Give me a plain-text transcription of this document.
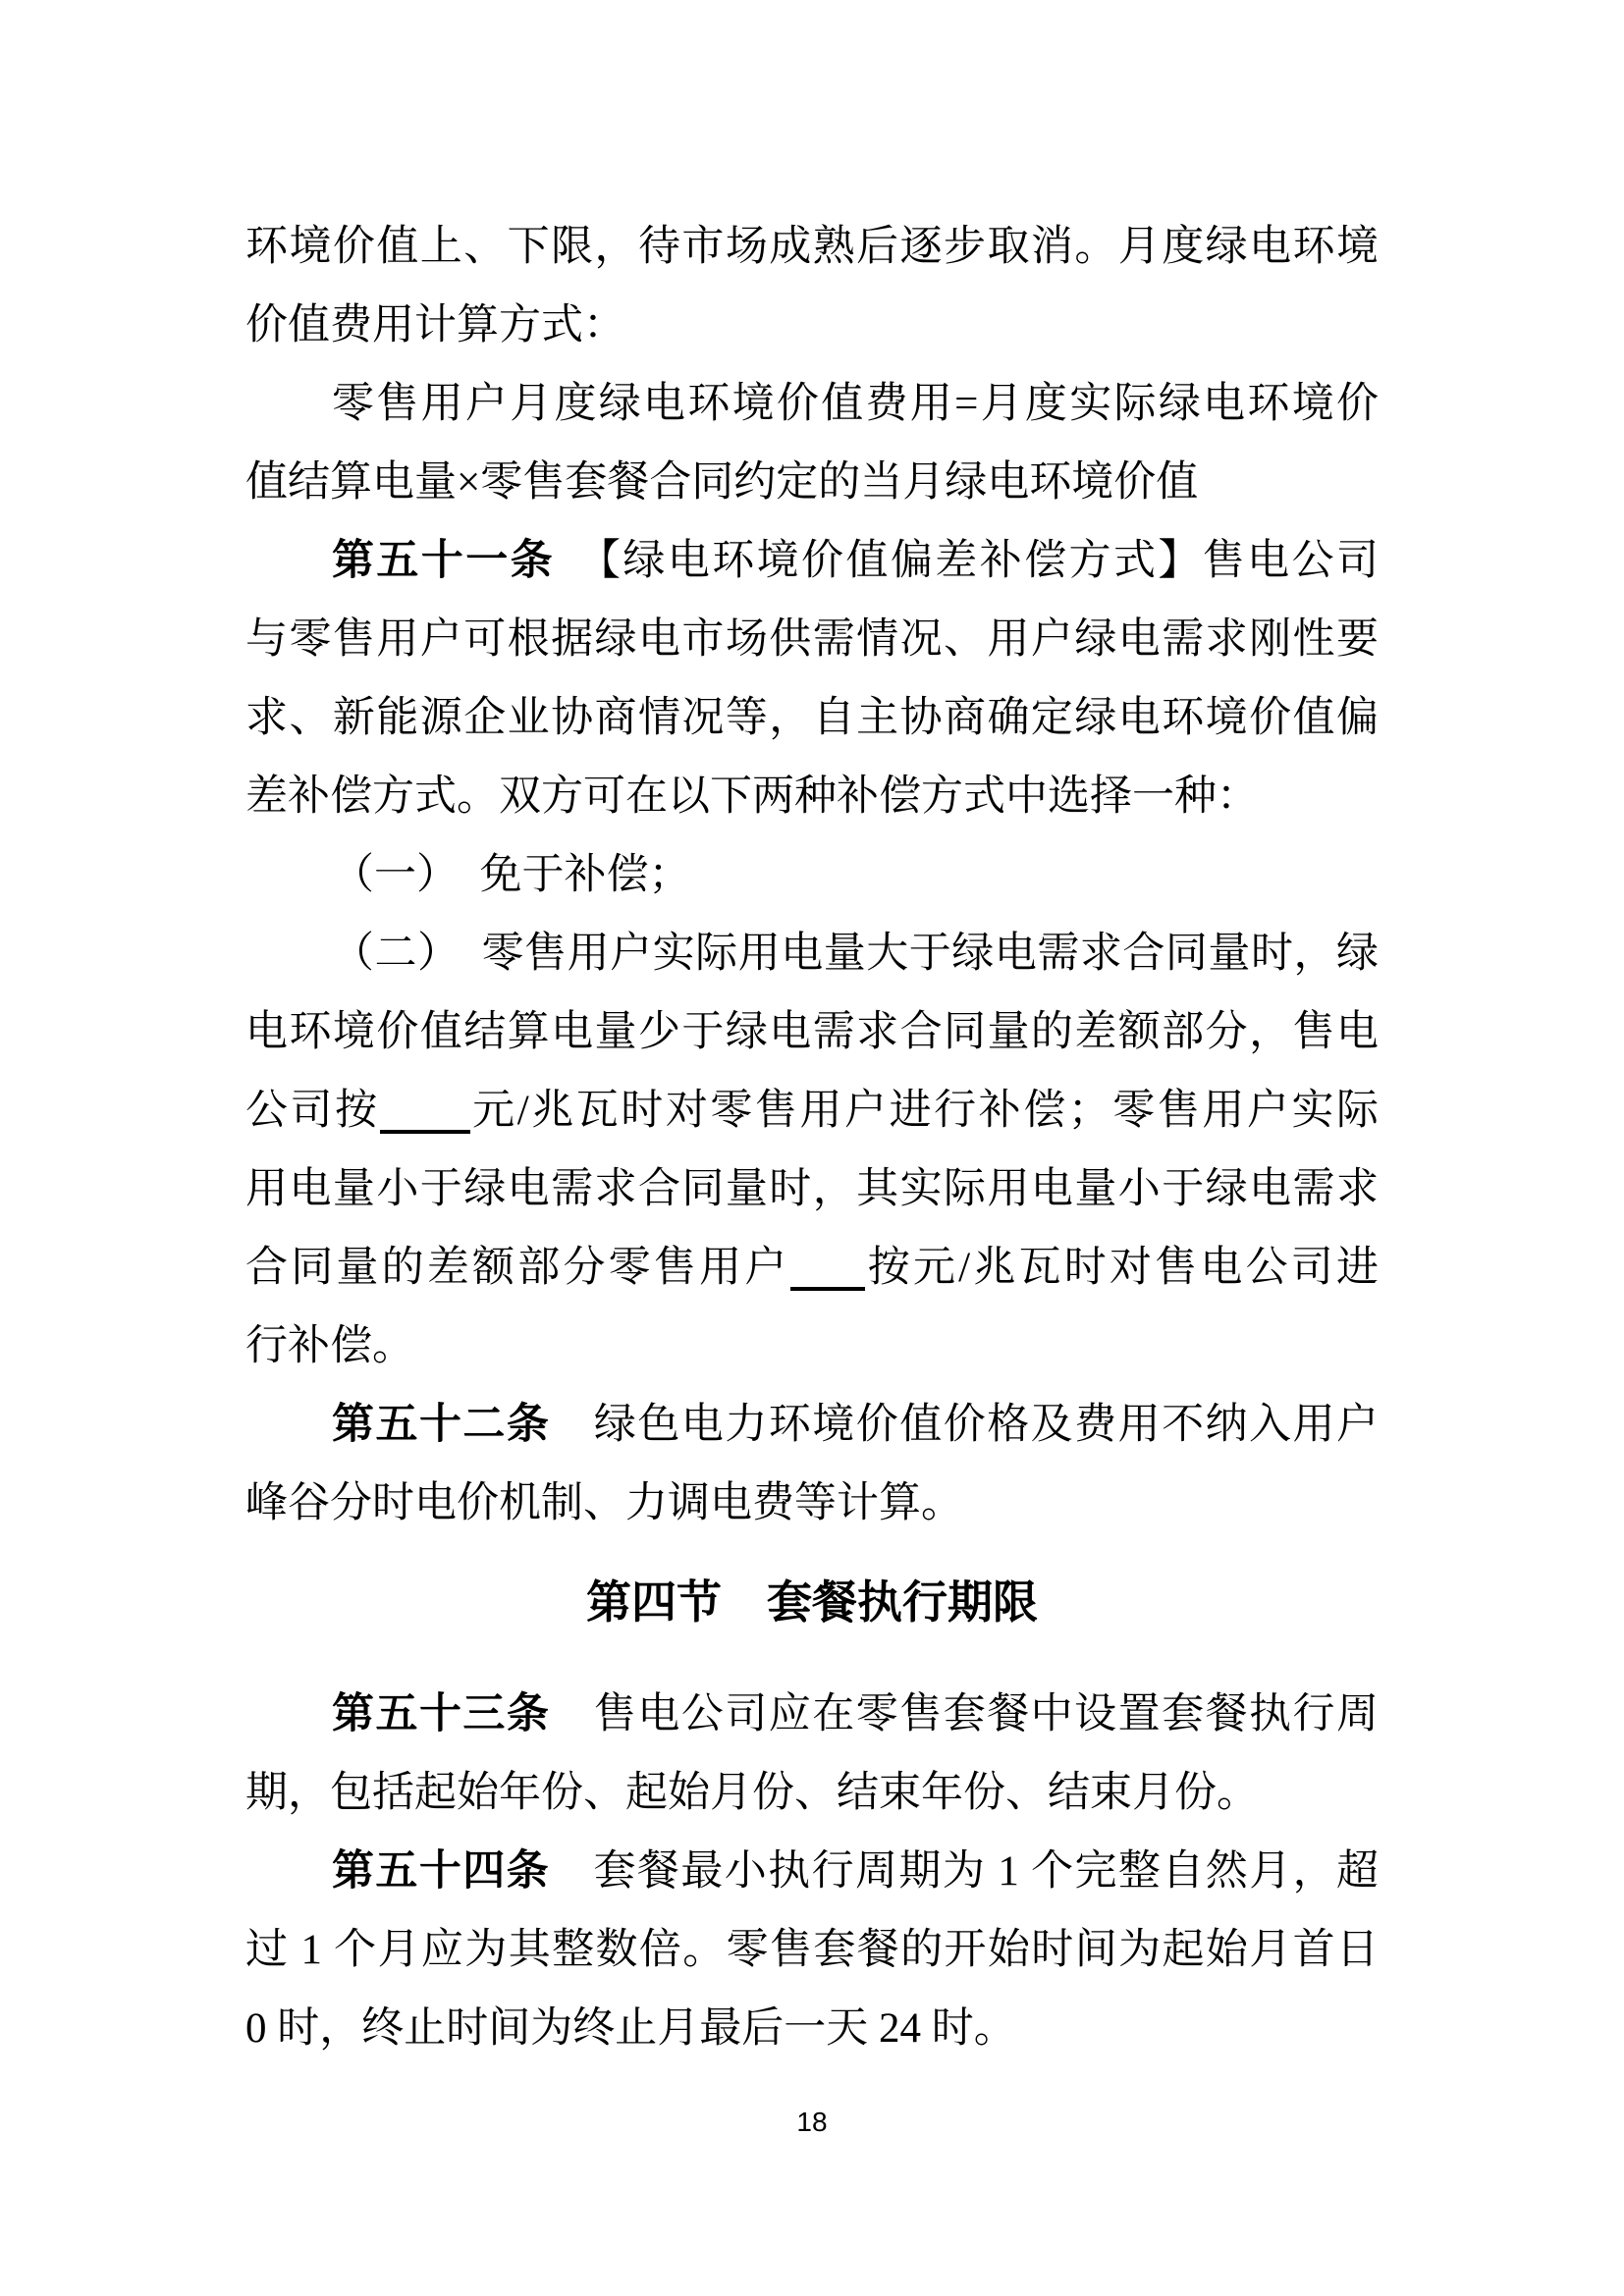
环境价值上、下限，待市场成熟后逐步取消。月度绿电环境
价值费用计算方式：
零售用户月度绿电环境价值费用=月度实际绿电环境价
值结算电量×零售套餐合同约定的当月绿电环境价值
第五十一条　【绿电环境价值偏差补偿方式】售电公司
与零售用户可根据绿电市场供需情况、用户绿电需求刚性要
求、新能源企业协商情况等，自主协商确定绿电环境价值偏
差补偿方式。双方可在以下两种补偿方式中选择一种：
（一）　免于补偿；
（二）　零售用户实际用电量大于绿电需求合同量时，绿
电环境价值结算电量少于绿电需求合同量的差额部分，售电
公司按 元/兆瓦时对零售用户进行补偿；零售用户实际
用电量小于绿电需求合同量时，其实际用电量小于绿电需求
合同量的差额部分零售用户 按元/兆瓦时对售电公司进
行补偿。
第五十二条　绿色电力环境价值价格及费用不纳入用户
峰谷分时电价机制、力调电费等计算。
第四节　套餐执行期限
第五十三条　售电公司应在零售套餐中设置套餐执行周
期，包括起始年份、起始月份、结束年份、结束月份。
第五十四条　套餐最小执行周期为 1 个完整自然月，超
过 1 个月应为其整数倍。零售套餐的开始时间为起始月首日
0 时，终止时间为终止月最后一天 24 时。
18
